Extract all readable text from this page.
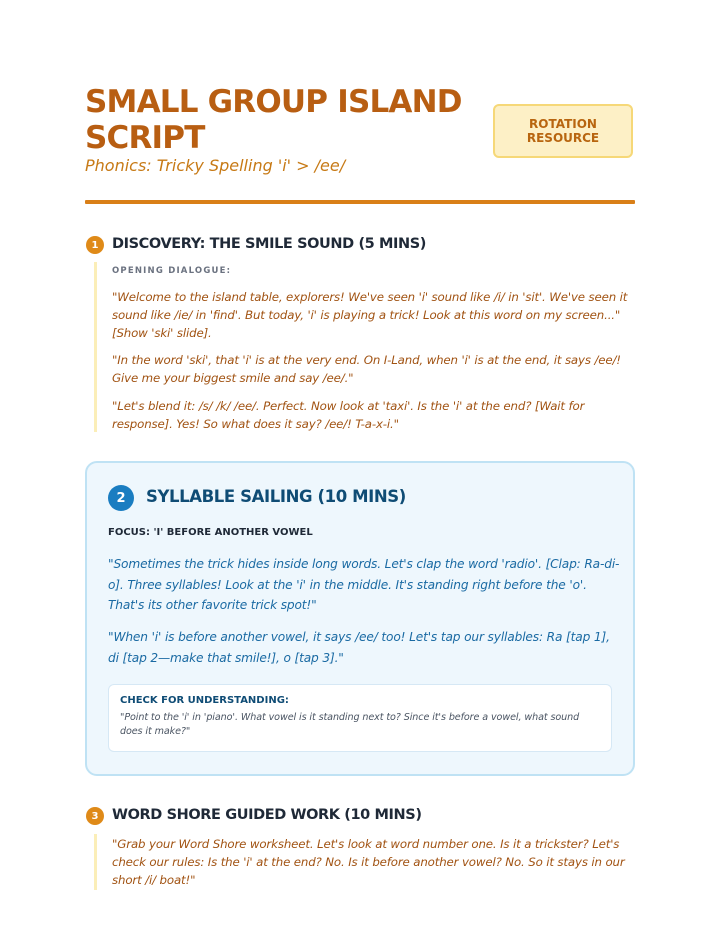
SMALL GROUP ISLAND SCRIPT
Phonics: Tricky Spelling 'i' > /ee/
ROTATION
RESOURCE
1 DISCOVERY: THE SMILE SOUND (5 MINS)
OPENING DIALOGUE:

"Welcome to the island table, explorers! We've seen 'i' sound like /i/ in 'sit'. We've seen it sound like /ie/ in 'find'. But today, 'i' is playing a trick! Look at this word on my screen..." [Show 'ski' slide].

"In the word 'ski', that 'i' is at the very end. On I-Land, when 'i' is at the end, it says /ee/! Give me your biggest smile and say /ee/."

"Let's blend it: /s/ /k/ /ee/. Perfect. Now look at 'taxi'. Is the 'i' at the end? [Wait for response]. Yes! So what does it say? /ee/! T-a-x-i."

2	SYLLABLE SAILING (10 MINS)
FOCUS: 'I' BEFORE ANOTHER VOWEL

"Sometimes the trick hides inside long words. Let's clap the word 'radio'. [Clap: Ra-di-o]. Three syllables! Look at the 'i' in the middle. It's standing right before the 'o'. That's its other favorite trick spot!"

"When 'i' is before another vowel, it says /ee/ too! Let's tap our syllables: Ra [tap 1], di [tap 2—make that smile!], o [tap 3]."

CHECK FOR UNDERSTANDING:
"Point to the 'i' in 'piano'. What vowel is it standing next to? Since it's before a vowel, what sound does it make?"
3 WORD SHORE GUIDED WORK (10 MINS)

"Grab your Word Shore worksheet. Let's look at word number one. Is it a trickster? Let's check our rules: Is the 'i' at the end? No. Is it before another vowel? No. So it stays in our short /i/ boat!"
